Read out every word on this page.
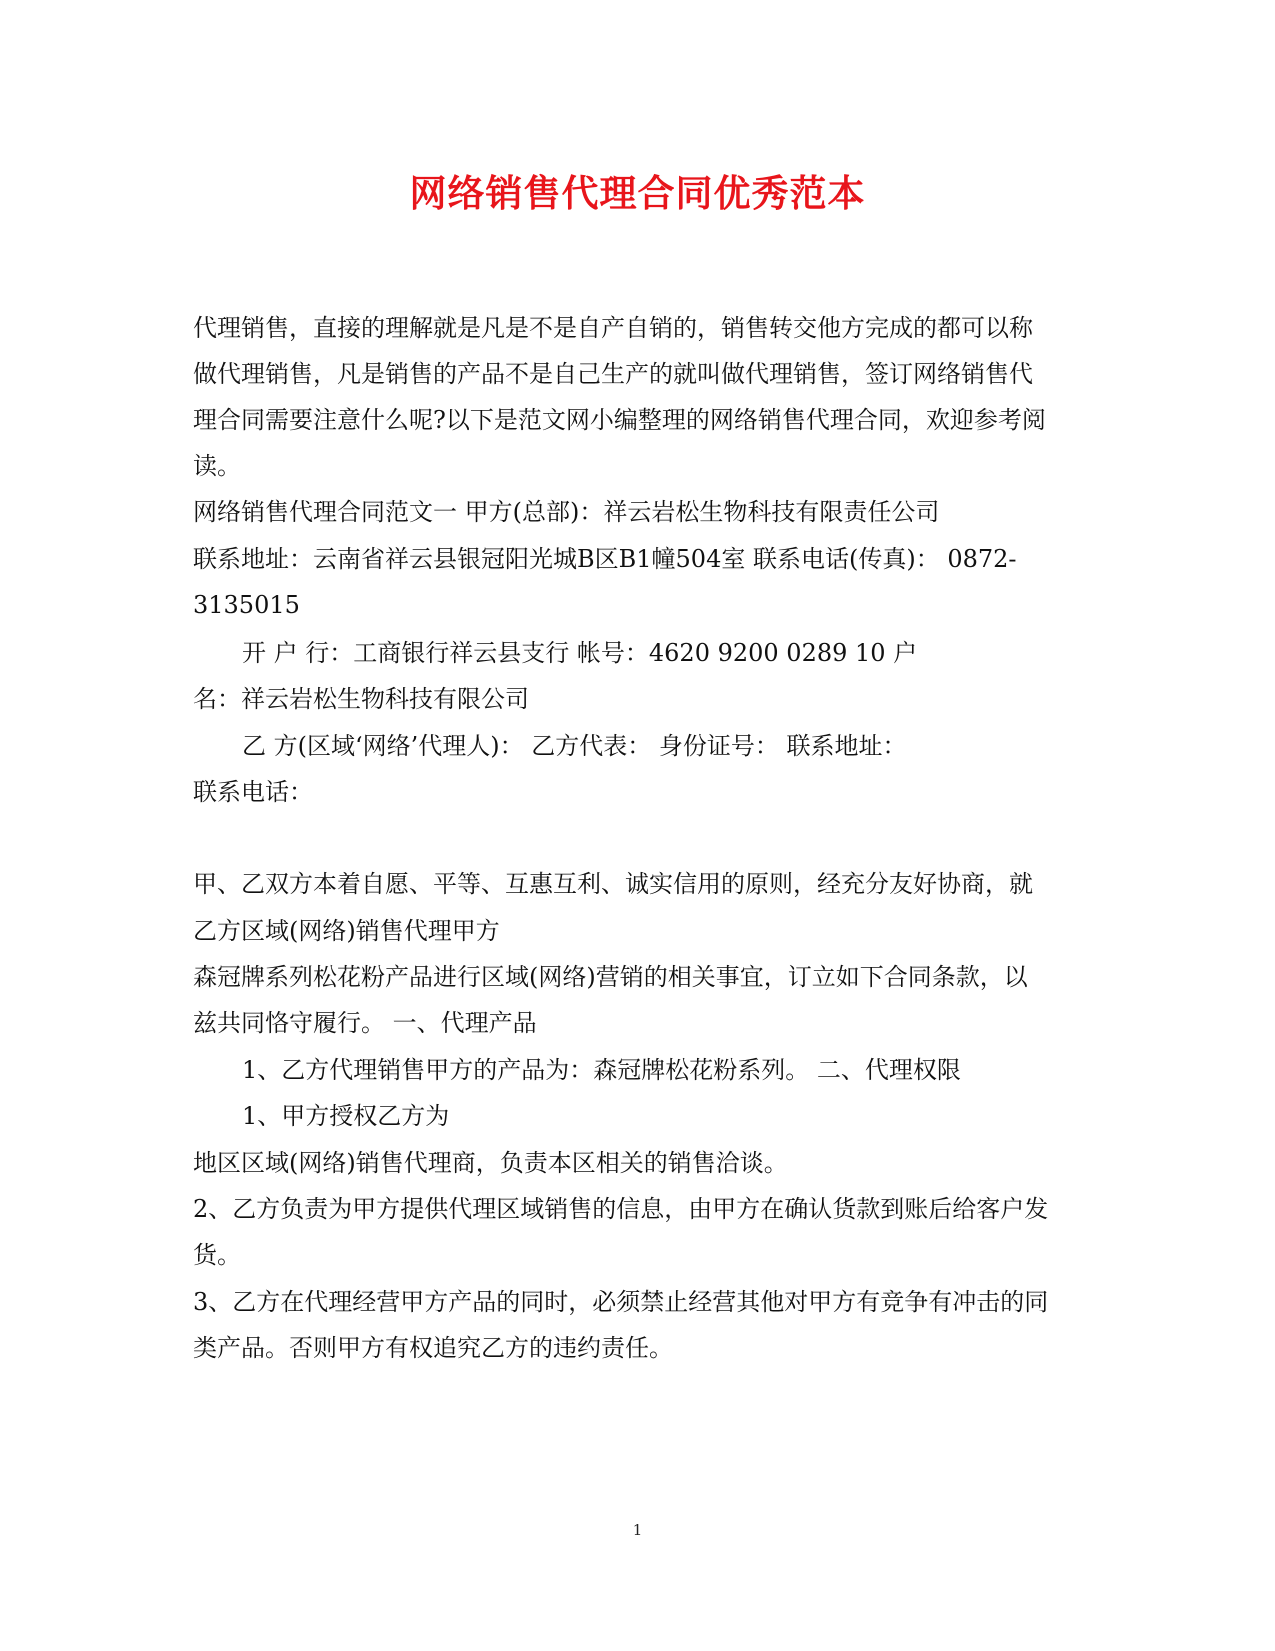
网络销售代理合同优秀范本
代理销售，直接的理解就是凡是不是自产自销的，销售转交他方完成的都可以称
做代理销售，凡是销售的产品不是自己生产的就叫做代理销售，签订网络销售代
理合同需要注意什么呢?以下是范文网小编整理的网络销售代理合同，欢迎参考阅
读。
网络销售代理合同范文一 甲方(总部)：祥云岩松生物科技有限责任公司
联系地址：云南省祥云县银冠阳光城B区B1幢504室 联系电话(传真)： 0872-
3135015
开 户 行：工商银行祥云县支行 帐号：4620 9200 0289 10 户
名：祥云岩松生物科技有限公司
乙 方(区域‘网络’代理人)： 乙方代表： 身份证号： 联系地址：
联系电话：
甲、乙双方本着自愿、平等、互惠互利、诚实信用的原则，经充分友好协商，就
乙方区域(网络)销售代理甲方
森冠牌系列松花粉产品进行区域(网络)营销的相关事宜，订立如下合同条款，以
兹共同恪守履行。 一、代理产品
1、乙方代理销售甲方的产品为：森冠牌松花粉系列。 二、代理权限
1、甲方授权乙方为
地区区域(网络)销售代理商，负责本区相关的销售洽谈。
2、乙方负责为甲方提供代理区域销售的信息，由甲方在确认货款到账后给客户发
货。
3、乙方在代理经营甲方产品的同时，必须禁止经营其他对甲方有竞争有冲击的同
类产品。否则甲方有权追究乙方的违约责任。
1
